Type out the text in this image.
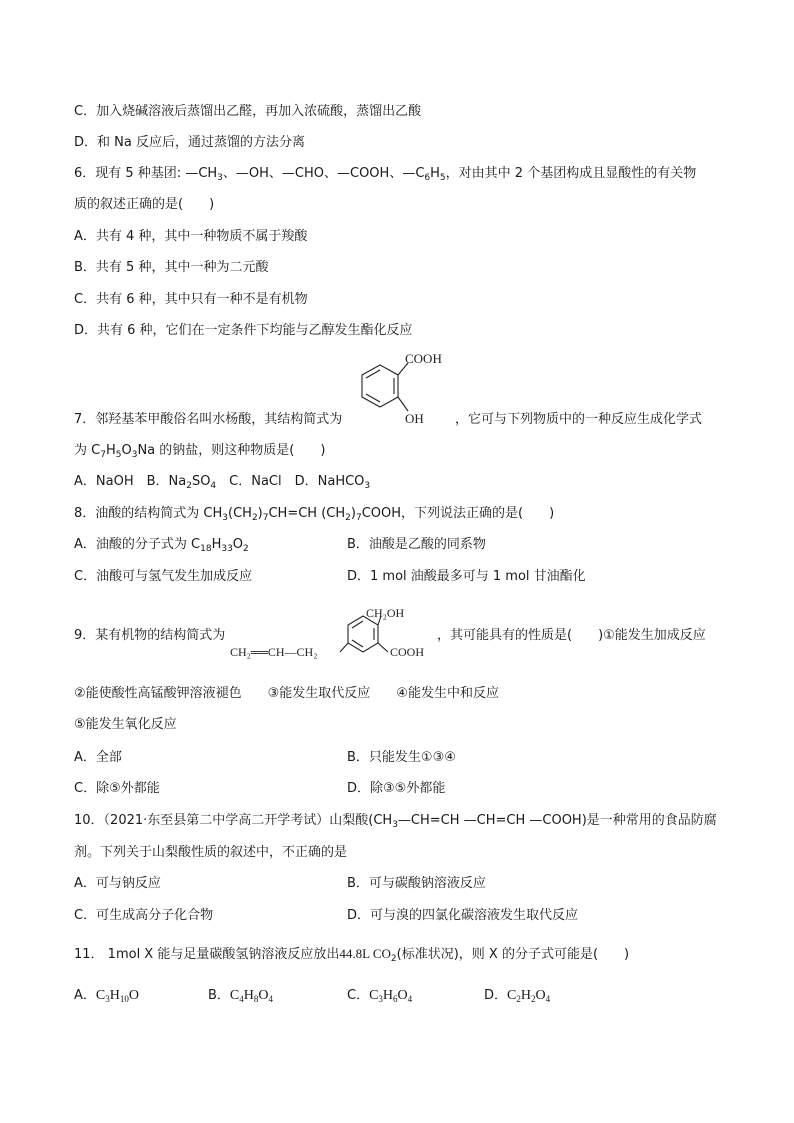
C．加入烧碱溶液后蒸馏出乙醛，再加入浓硫酸，蒸馏出乙酸
D．和 Na 反应后，通过蒸馏的方法分离
6．现有 5 种基团: $—CH_3$、—OH、—CHO、—COOH、$—C_6H_5$，对由其中 2 个基团构成且显酸性的有关物
质的叙述正确的是(　　)
A．共有 4 种，其中一种物质不属于羧酸
B．共有 5 种，其中一种为二元酸
C．共有 6 种，其中只有一种不是有机物
D．共有 6 种，它们在一定条件下均能与乙醇发生酯化反应
COOH
OH
7．邻羟基苯甲酸俗名叫水杨酸，其结构简式为	，它可与下列物质中的一种反应生成化学式
为 $C_7H_5O_3Na$ 的钠盐，则这种物质是(　　)
A．NaOH　B．$Na_2SO_4$　C．NaCl　D．NaHCO$_3$
8．油酸的结构简式为 $CH_3(CH_2)_7CH=CH$ $(CH_2)_7COOH$，下列说法正确的是(　　)
A．油酸的分子式为 $C_{18}H_{33}O_2$	B．油酸是乙酸的同系物
C．油酸可与氢气发生加成反应	D．1 mol 油酸最多可与 1 mol 甘油酯化
CH₂OH
CH₂══CH—CH₂	COOH
9．某有机物的结构简式为	，其可能具有的性质是(　　)①能发生加成反应
②能使酸性高锰酸钾溶液褪色　　③能发生取代反应　　④能发生中和反应
⑤能发生氧化反应
A．全部	B．只能发生①③④
C．除⑤外都能	D．除③⑤外都能
10．（2021·东至县第二中学高二开学考试）山梨酸($CH_3—CH=CH$ —CH=CH —COOH)是一种常用的食品防腐
剂。下列关于山梨酸性质的叙述中，不正确的是
A．可与钠反应	B．可与碳酸钠溶液反应
C．可生成高分子化合物	D．可与溴的四氯化碳溶液发生取代反应
11． 1mol X 能与足量碳酸氢钠溶液反应放出44.8L $CO_2$(标准状况)，则 X 的分子式可能是(　　)
A．$C_3H_{10}O$	B．$C_4H_8O_4$	C．$C_3H_6O_4$	D．$C_2H_2O_4$
